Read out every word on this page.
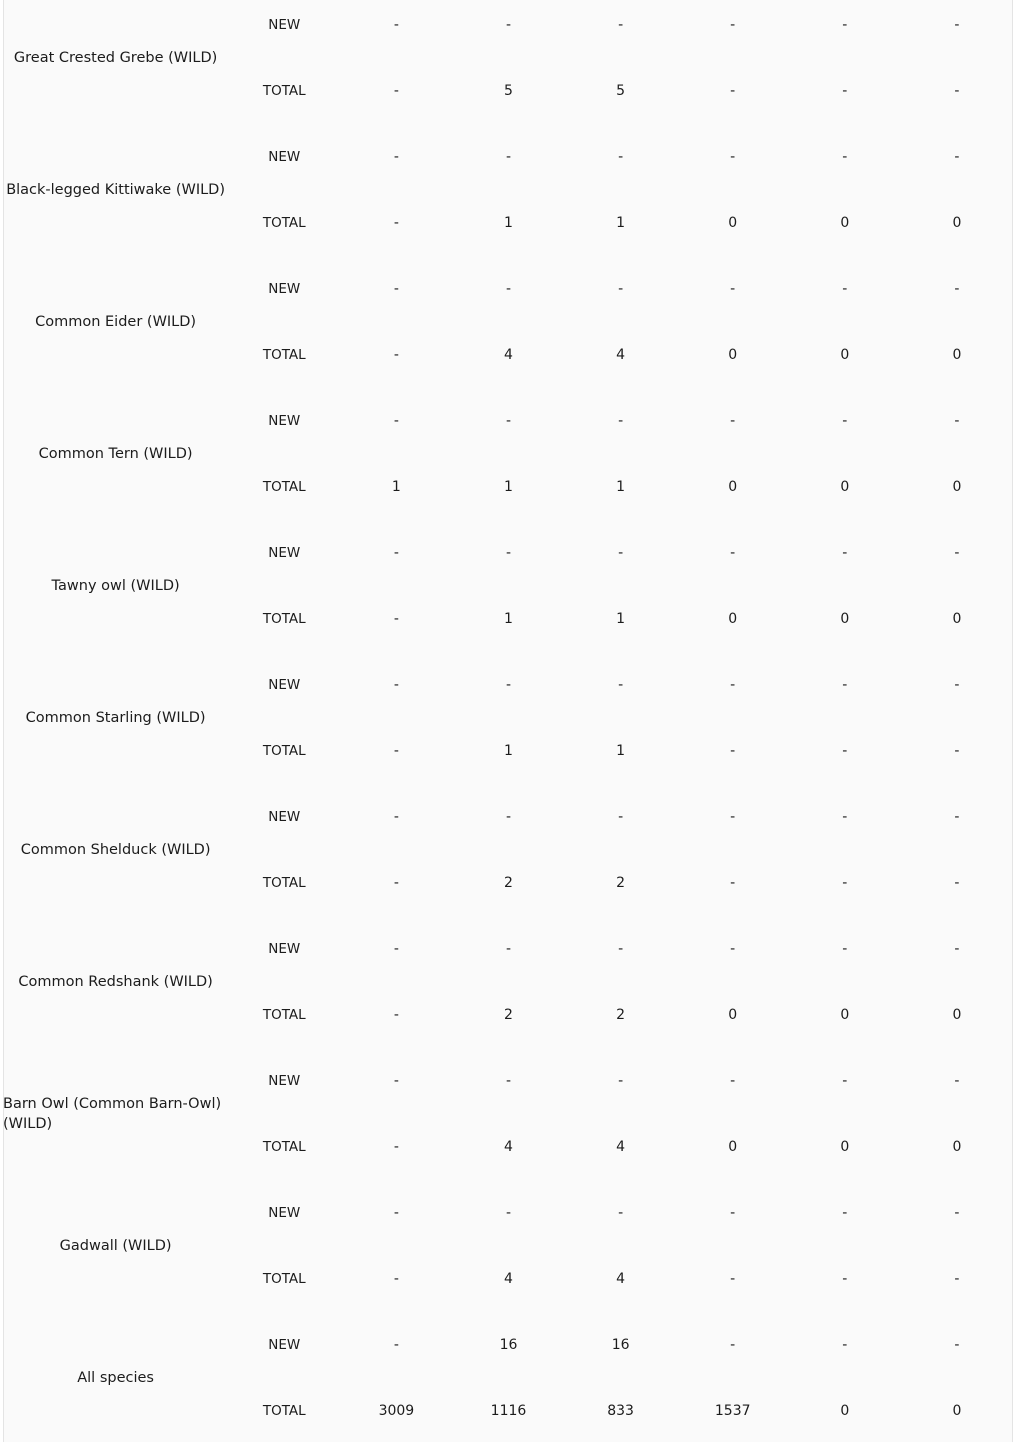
Great Crested Grebe (WILD)	NEW	-	-	-	-	-	-
	TOTAL	-	5	5	-	-	-
Black-legged Kittiwake (WILD)	NEW	-	-	-	-	-	-
	TOTAL	-	1	1	0	0	0
Common Eider (WILD)	NEW	-	-	-	-	-	-
	TOTAL	-	4	4	0	0	0
Common Tern (WILD)	NEW	-	-	-	-	-	-
	TOTAL	1	1	1	0	0	0
Tawny owl (WILD)	NEW	-	-	-	-	-	-
	TOTAL	-	1	1	0	0	0
Common Starling (WILD)	NEW	-	-	-	-	-	-
	TOTAL	-	1	1	-	-	-
Common Shelduck (WILD)	NEW	-	-	-	-	-	-
	TOTAL	-	2	2	-	-	-
Common Redshank (WILD)	NEW	-	-	-	-	-	-
	TOTAL	-	2	2	0	0	0
Barn Owl (Common Barn-Owl) (WILD)	NEW	-	-	-	-	-	-
	TOTAL	-	4	4	0	0	0
Gadwall (WILD)	NEW	-	-	-	-	-	-
	TOTAL	-	4	4	-	-	-
All species	NEW	-	16	16	-	-	-
	TOTAL	3009	1116	833	1537	0	0
